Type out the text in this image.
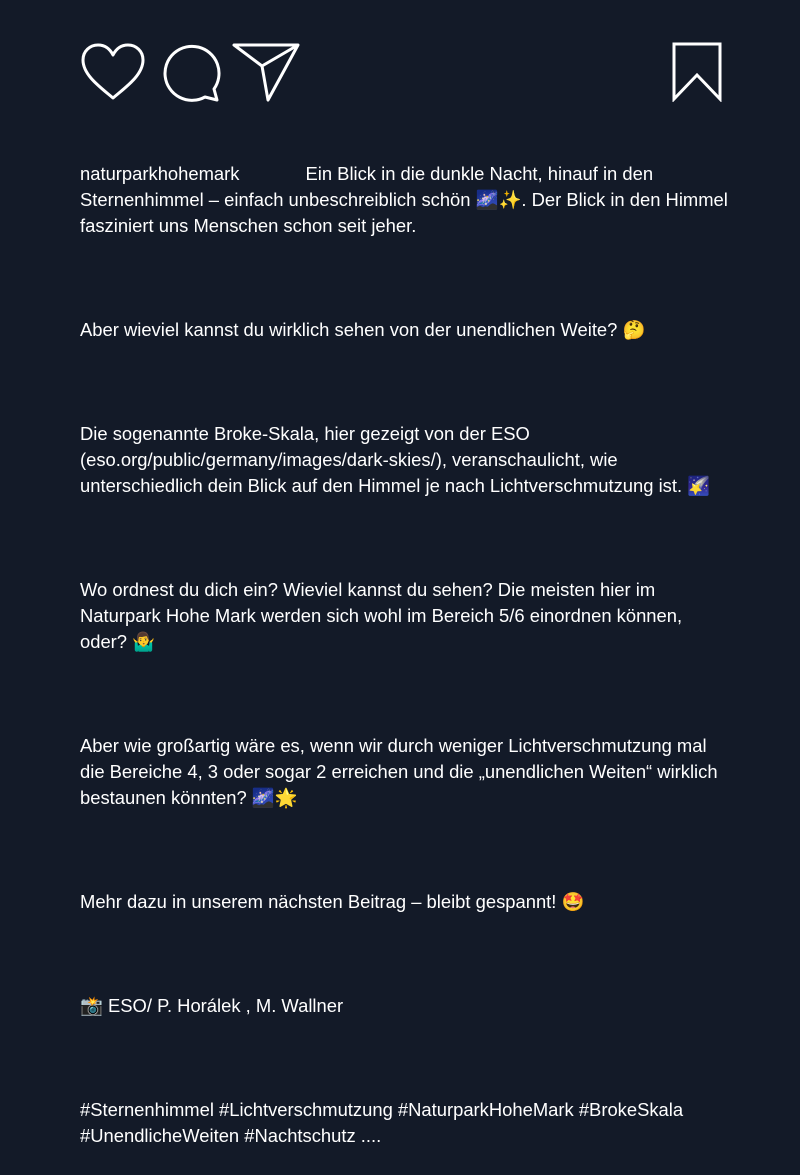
naturparkhohemark	Ein Blick in die dunkle Nacht, hinauf in den Sternenhimmel – einfach unbeschreiblich schön 🌌✨. Der Blick in den Himmel fasziniert uns Menschen schon seit jeher.

Aber wieviel kannst du wirklich sehen von der unendlichen Weite? 🤔

Die sogenannte Broke-Skala, hier gezeigt von der ESO (eso.org/public/germany/images/dark-skies/), veranschaulicht, wie unterschiedlich dein Blick auf den Himmel je nach Lichtverschmutzung ist. 🌠

Wo ordnest du dich ein? Wieviel kannst du sehen? Die meisten hier im Naturpark Hohe Mark werden sich wohl im Bereich 5/6 einordnen können, oder? 🤷‍♂️

Aber wie großartig wäre es, wenn wir durch weniger Lichtverschmutzung mal die Bereiche 4, 3 oder sogar 2 erreichen und die „unendlichen Weiten“ wirklich bestaunen könnten? 🌌🌟

Mehr dazu in unserem nächsten Beitrag – bleibt gespannt! 🤩

📸 ESO/ P. Horálek , M. Wallner

#Sternenhimmel #Lichtverschmutzung #NaturparkHoheMark #BrokeSkala #UnendlicheWeiten #Nachtschutz ....
